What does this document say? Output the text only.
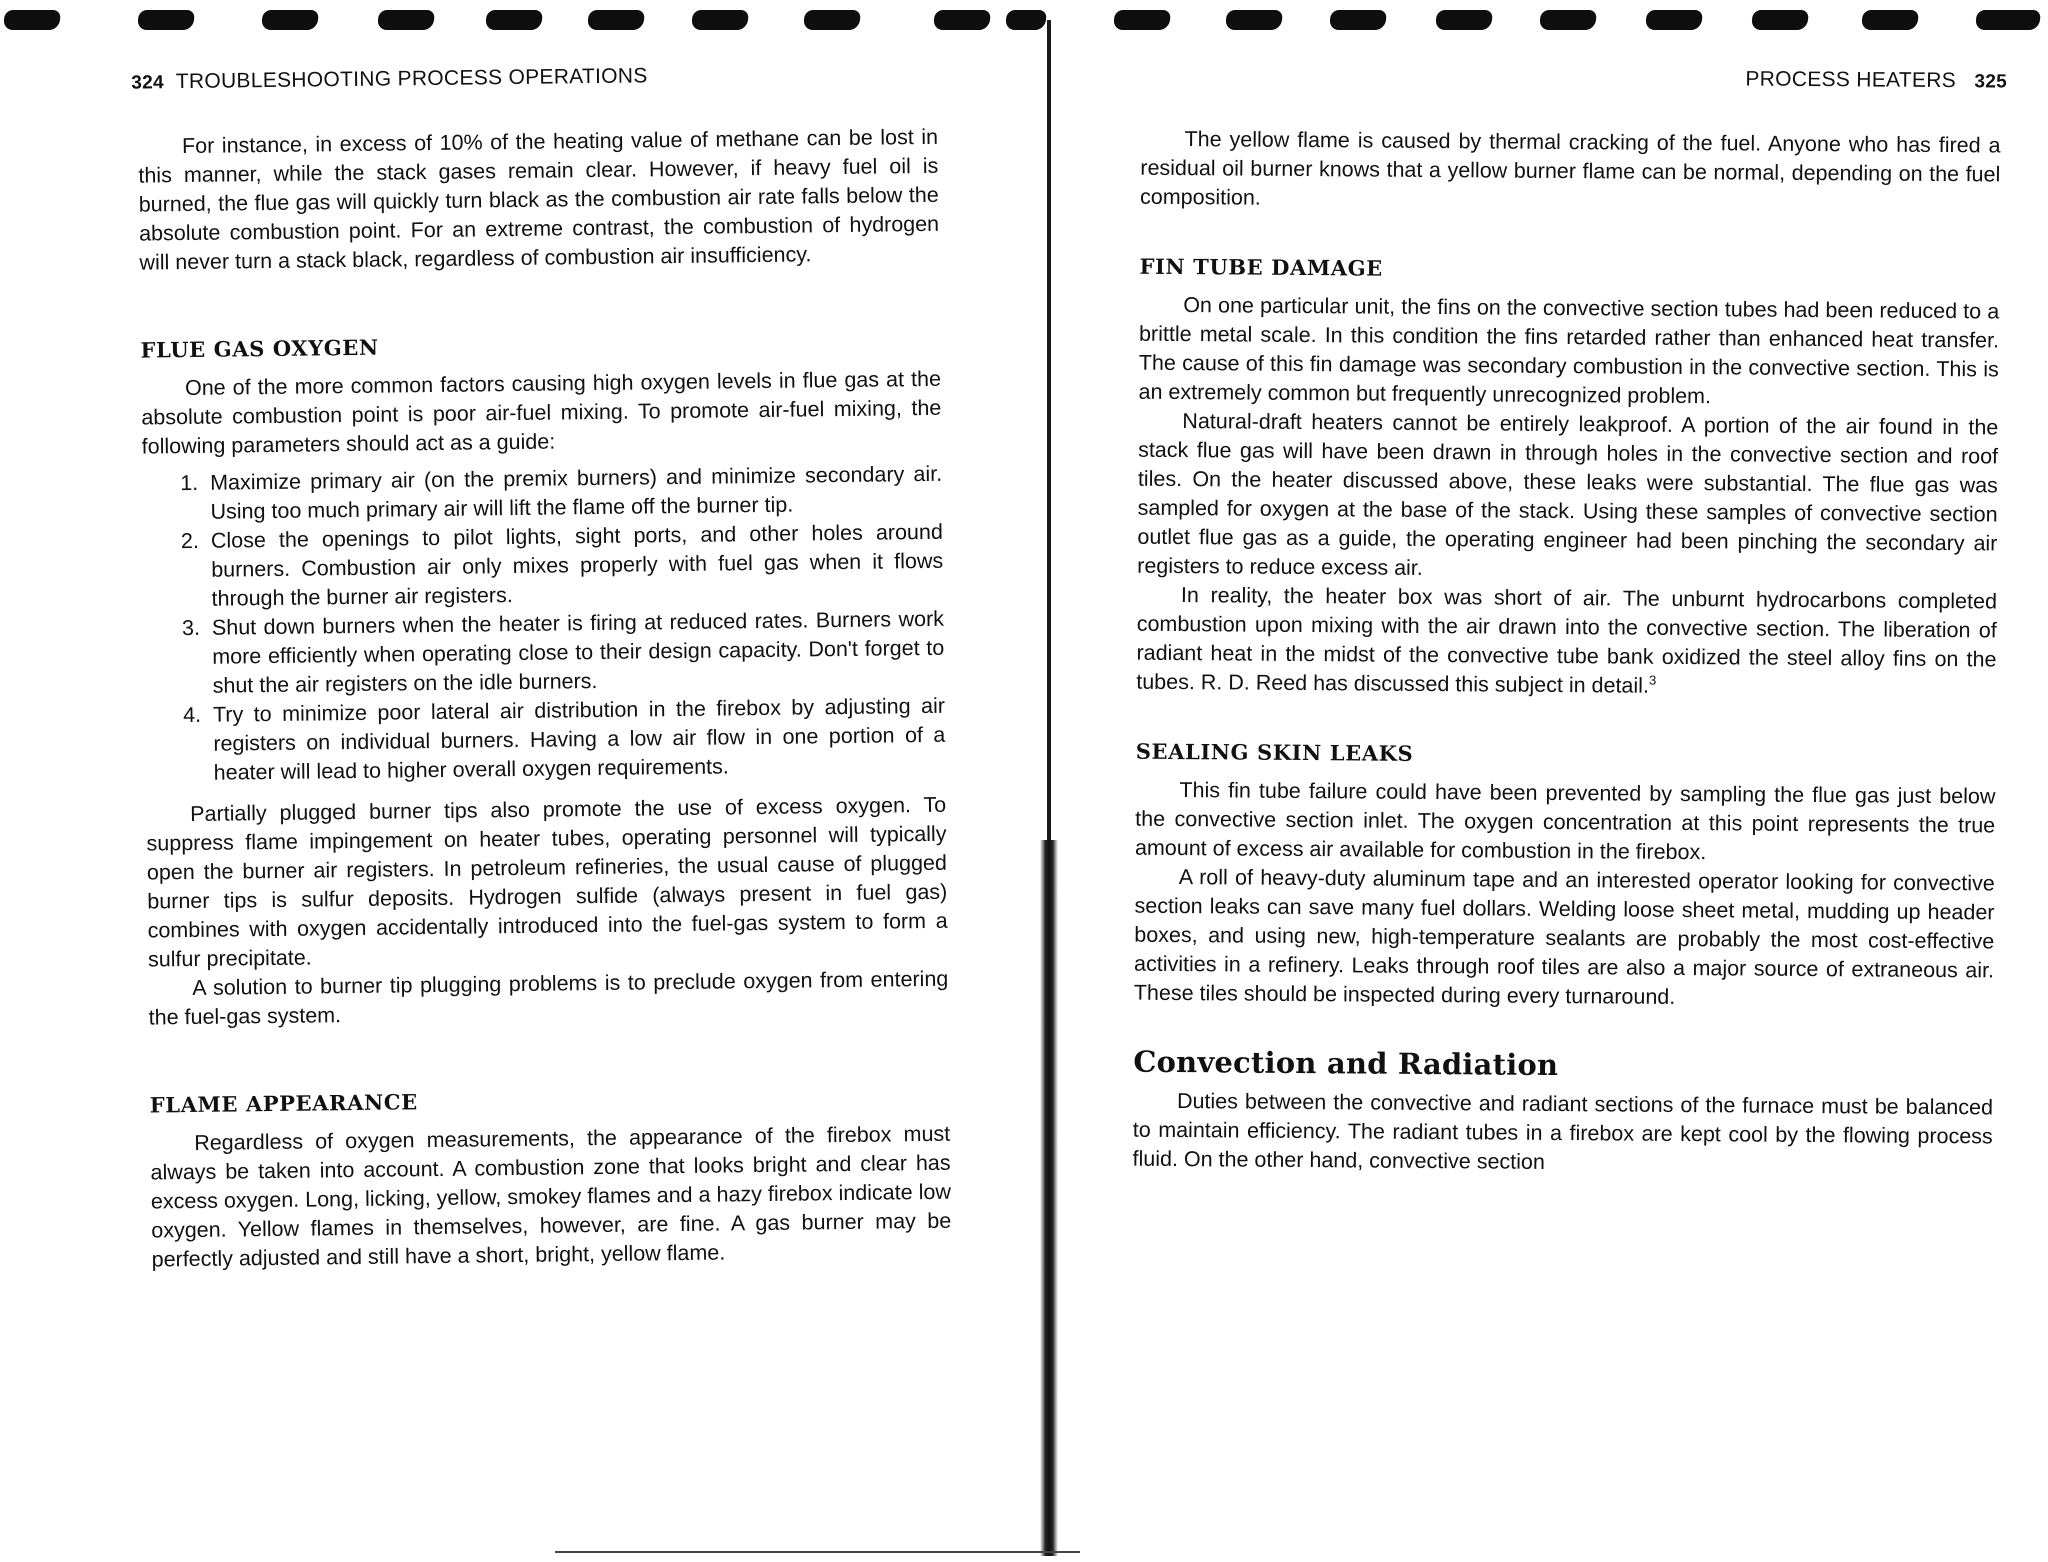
324 TROUBLESHOOTING PROCESS OPERATIONS

For instance, in excess of 10% of the heating value of methane can be lost in this manner, while the stack gases remain clear. However, if heavy fuel oil is burned, the flue gas will quickly turn black as the combustion air rate falls below the absolute combustion point. For an extreme contrast, the combustion of hydrogen will never turn a stack black, regardless of combustion air insufficiency.

FLUE GAS OXYGEN

One of the more common factors causing high oxygen levels in flue gas at the absolute combustion point is poor air-fuel mixing. To promote air-fuel mixing, the following parameters should act as a guide:

1. Maximize primary air (on the premix burners) and minimize secondary air. Using too much primary air will lift the flame off the burner tip.
2. Close the openings to pilot lights, sight ports, and other holes around burners. Combustion air only mixes properly with fuel gas when it flows through the burner air registers.
3. Shut down burners when the heater is firing at reduced rates. Burners work more efficiently when operating close to their design capacity. Don't forget to shut the air registers on the idle burners.
4. Try to minimize poor lateral air distribution in the firebox by adjusting air registers on individual burners. Having a low air flow in one portion of a heater will lead to higher overall oxygen requirements.

Partially plugged burner tips also promote the use of excess oxygen. To suppress flame impingement on heater tubes, operating personnel will typically open the burner air registers. In petroleum refineries, the usual cause of plugged burner tips is sulfur deposits. Hydrogen sulfide (always present in fuel gas) combines with oxygen accidentally introduced into the fuel-gas system to form a sulfur precipitate.

A solution to burner tip plugging problems is to preclude oxygen from entering the fuel-gas system.

FLAME APPEARANCE

Regardless of oxygen measurements, the appearance of the firebox must always be taken into account. A combustion zone that looks bright and clear has excess oxygen. Long, licking, yellow, smokey flames and a hazy firebox indicate low oxygen. Yellow flames in themselves, however, are fine. A gas burner may be perfectly adjusted and still have a short, bright, yellow flame.

PROCESS HEATERS 325

The yellow flame is caused by thermal cracking of the fuel. Anyone who has fired a residual oil burner knows that a yellow burner flame can be normal, depending on the fuel composition.

FIN TUBE DAMAGE

On one particular unit, the fins on the convective section tubes had been reduced to a brittle metal scale. In this condition the fins retarded rather than enhanced heat transfer. The cause of this fin damage was secondary combustion in the convective section. This is an extremely common but frequently unrecognized problem.

Natural-draft heaters cannot be entirely leakproof. A portion of the air found in the stack flue gas will have been drawn in through holes in the convective section and roof tiles. On the heater discussed above, these leaks were substantial. The flue gas was sampled for oxygen at the base of the stack. Using these samples of convective section outlet flue gas as a guide, the operating engineer had been pinching the secondary air registers to reduce excess air.

In reality, the heater box was short of air. The unburnt hydrocarbons completed combustion upon mixing with the air drawn into the convective section. The liberation of radiant heat in the midst of the convective tube bank oxidized the steel alloy fins on the tubes. R. D. Reed has discussed this subject in detail.$^3$

SEALING SKIN LEAKS

This fin tube failure could have been prevented by sampling the flue gas just below the convective section inlet. The oxygen concentration at this point represents the true amount of excess air available for combustion in the firebox.

A roll of heavy-duty aluminum tape and an interested operator looking for convective section leaks can save many fuel dollars. Welding loose sheet metal, mudding up header boxes, and using new, high-temperature sealants are probably the most cost-effective activities in a refinery. Leaks through roof tiles are also a major source of extraneous air. These tiles should be inspected during every turnaround.

Convection and Radiation

Duties between the convective and radiant sections of the furnace must be balanced to maintain efficiency. The radiant tubes in a firebox are kept cool by the flowing process fluid. On the other hand, convective section
